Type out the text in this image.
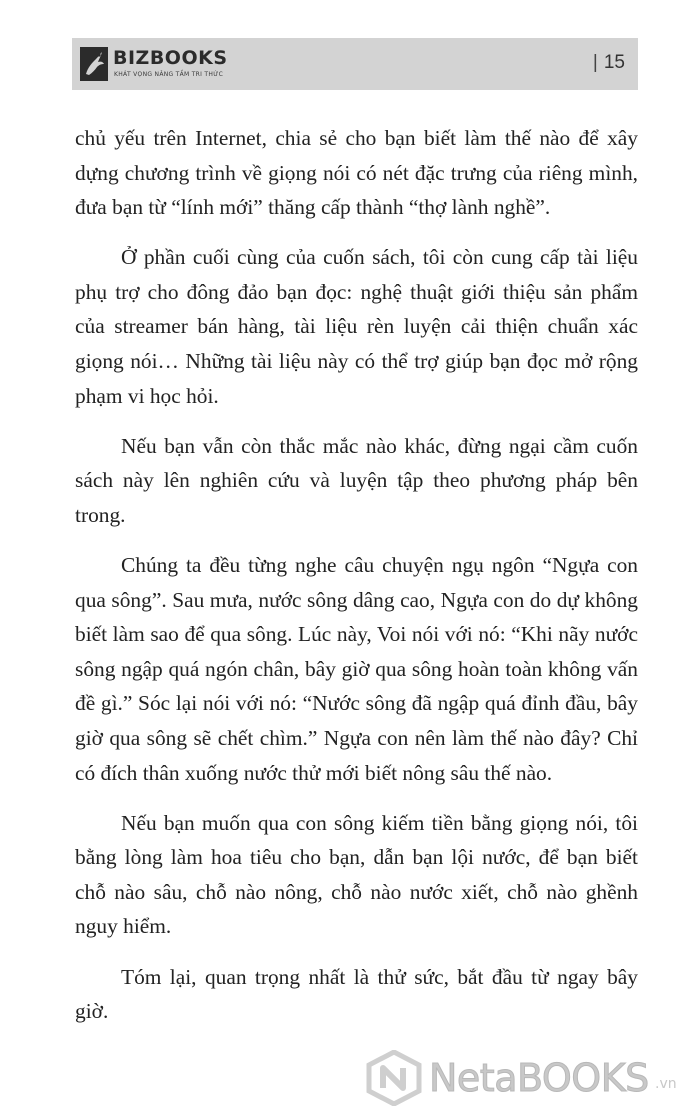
BIZBOOKS
KHÁT VỌNG NÂNG TẦM TRI THỨC
| 15

chủ yếu trên Internet, chia sẻ cho bạn biết làm thế nào để xây dựng chương trình về giọng nói có nét đặc trưng của riêng mình, đưa bạn từ “lính mới” thăng cấp thành “thợ lành nghề”.

Ở phần cuối cùng của cuốn sách, tôi còn cung cấp tài liệu phụ trợ cho đông đảo bạn đọc: nghệ thuật giới thiệu sản phẩm của streamer bán hàng, tài liệu rèn luyện cải thiện chuẩn xác giọng nói… Những tài liệu này có thể trợ giúp bạn đọc mở rộng phạm vi học hỏi.

Nếu bạn vẫn còn thắc mắc nào khác, đừng ngại cầm cuốn sách này lên nghiên cứu và luyện tập theo phương pháp bên trong.

Chúng ta đều từng nghe câu chuyện ngụ ngôn “Ngựa con qua sông”. Sau mưa, nước sông dâng cao, Ngựa con do dự không biết làm sao để qua sông. Lúc này, Voi nói với nó: “Khi nãy nước sông ngập quá ngón chân, bây giờ qua sông hoàn toàn không vấn đề gì.” Sóc lại nói với nó: “Nước sông đã ngập quá đỉnh đầu, bây giờ qua sông sẽ chết chìm.” Ngựa con nên làm thế nào đây? Chỉ có đích thân xuống nước thử mới biết nông sâu thế nào.

Nếu bạn muốn qua con sông kiếm tiền bằng giọng nói, tôi bằng lòng làm hoa tiêu cho bạn, dẫn bạn lội nước, để bạn biết chỗ nào sâu, chỗ nào nông, chỗ nào nước xiết, chỗ nào ghềnh nguy hiểm.

Tóm lại, quan trọng nhất là thử sức, bắt đầu từ ngay bây giờ.

NetaBOOKS .vn
